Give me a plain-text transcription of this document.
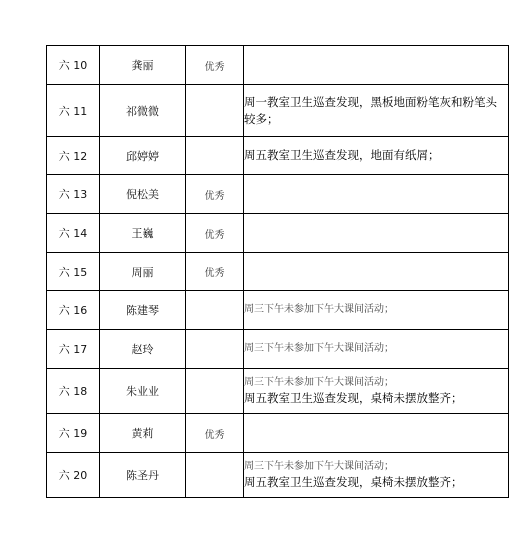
六 10	龚丽	优秀	
六 11	祁微微		周一教室卫生巡查发现，黑板地面粉笔灰和粉笔头较多；

六 12	邱婷婷		周五教室卫生巡查发现，地面有纸屑；

六 13	倪松美	优秀	
六 14	王巍	优秀	
六 15	周丽	优秀	
六 16	陈建琴		周三下午未参加下午大课间活动；

六 17	赵玲		周三下午未参加下午大课间活动；

六 18	朱业业		周三下午未参加下午大课间活动；
周五教室卫生巡查发现，桌椅未摆放整齐；

六 19	黄莉	优秀	
六 20	陈圣丹		周三下午未参加下午大课间活动；
周五教室卫生巡查发现，桌椅未摆放整齐；
